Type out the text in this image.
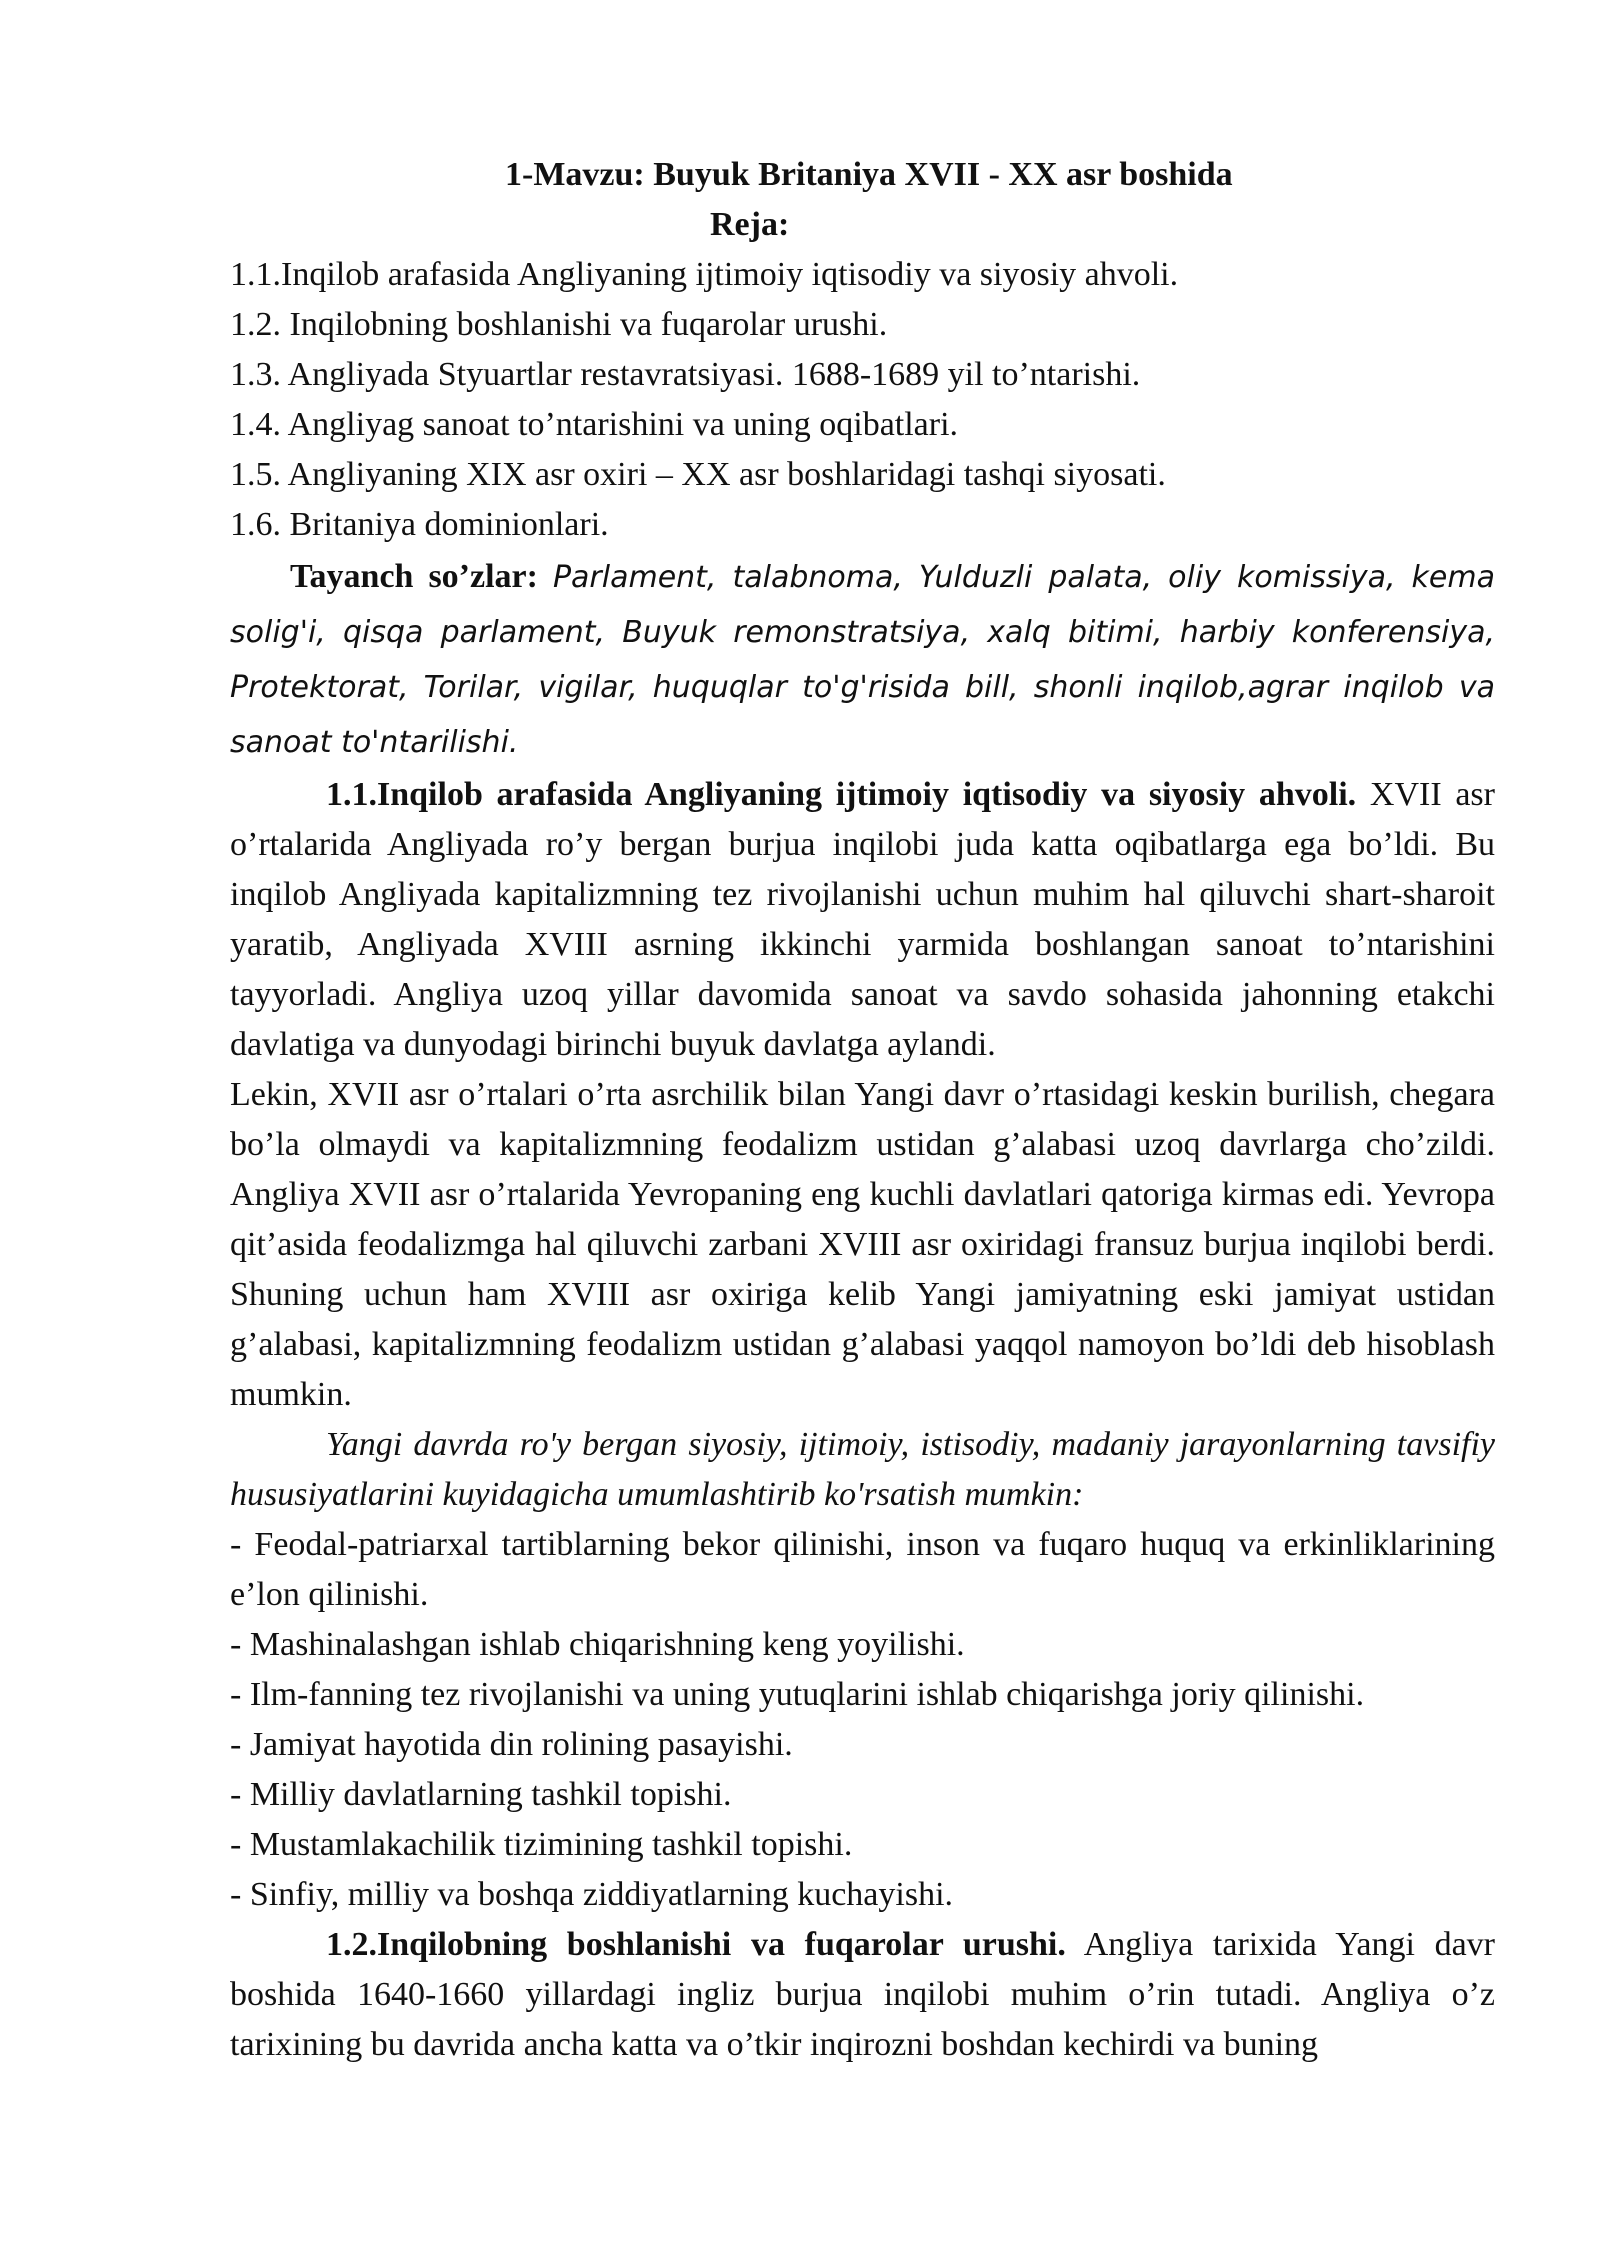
1-Mavzu: Buyuk Britaniya XVII - XX asr boshida
Reja:
1.1.Inqilob arafasida Angliyaning ijtimoiy iqtisodiy va siyosiy ahvoli.
1.2. Inqilobning boshlanishi va fuqarolar urushi.
1.3. Angliyada Styuartlar restavratsiyasi. 1688-1689 yil to’ntarishi.
1.4. Angliyag sanoat to’ntarishini va uning oqibatlari.
1.5. Angliyaning XIX asr oxiri – XX asr boshlaridagi tashqi siyosati.
1.6. Britaniya dominionlari.

Tayanch so’zlar: Parlament, talabnoma, Yulduzli palata, oliy komissiya, kema solig'i, qisqa parlament, Buyuk remonstratsiya, xalq bitimi, harbiy konferensiya, Protektorat, Torilar, vigilar, huquqlar to'g'risida bill, shonli inqilob,agrar inqilob va sanoat to'ntarilishi.

1.1.Inqilob arafasida Angliyaning ijtimoiy iqtisodiy va siyosiy ahvoli. XVII asr o’rtalarida Angliyada ro’y bergan burjua inqilobi juda katta oqibatlarga ega bo’ldi. Bu inqilob Angliyada kapitalizmning tez rivojlanishi uchun muhim hal qiluvchi shart-sharoit yaratib, Angliyada XVIII asrning ikkinchi yarmida boshlangan sanoat to’ntarishini tayyorladi. Angliya uzoq yillar davomida sanoat va savdo sohasida jahonning etakchi davlatiga va dunyodagi birinchi buyuk davlatga aylandi.

Lekin, XVII asr o’rtalari o’rta asrchilik bilan Yangi davr o’rtasidagi keskin burilish, chegara bo’la olmaydi va kapitalizmning feodalizm ustidan g’alabasi uzoq davrlarga cho’zildi. Angliya XVII asr o’rtalarida Yevropaning eng kuchli davlatlari qatoriga kirmas edi. Yevropa qit’asida feodalizmga hal qiluvchi zarbani XVIII asr oxiridagi fransuz burjua inqilobi berdi. Shuning uchun ham XVIII asr oxiriga kelib Yangi jamiyatning eski jamiyat ustidan g’alabasi, kapitalizmning feodalizm ustidan g’alabasi yaqqol namoyon bo’ldi deb hisoblash mumkin.

Yangi davrda ro'y bergan siyosiy, ijtimoiy, istisodiy, madaniy jarayonlarning tavsifiy hususiyatlarini kuyidagicha umumlashtirib ko'rsatish mumkin:

- Feodal-patriarxal tartiblarning bekor qilinishi, inson va fuqaro huquq va erkinliklarining e’lon qilinishi.
- Mashinalashgan ishlab chiqarishning keng yoyilishi.
- Ilm-fanning tez rivojlanishi va uning yutuqlarini ishlab chiqarishga joriy qilinishi.
- Jamiyat hayotida din rolining pasayishi.
- Milliy davlatlarning tashkil topishi.
- Mustamlakachilik tizimining tashkil topishi.
- Sinfiy, milliy va boshqa ziddiyatlarning kuchayishi.

1.2.Inqilobning boshlanishi va fuqarolar urushi. Angliya tarixida Yangi davr boshida 1640-1660 yillardagi ingliz burjua inqilobi muhim o’rin tutadi. Angliya o’z tarixining bu davrida ancha katta va o’tkir inqirozni boshdan kechirdi va buning
